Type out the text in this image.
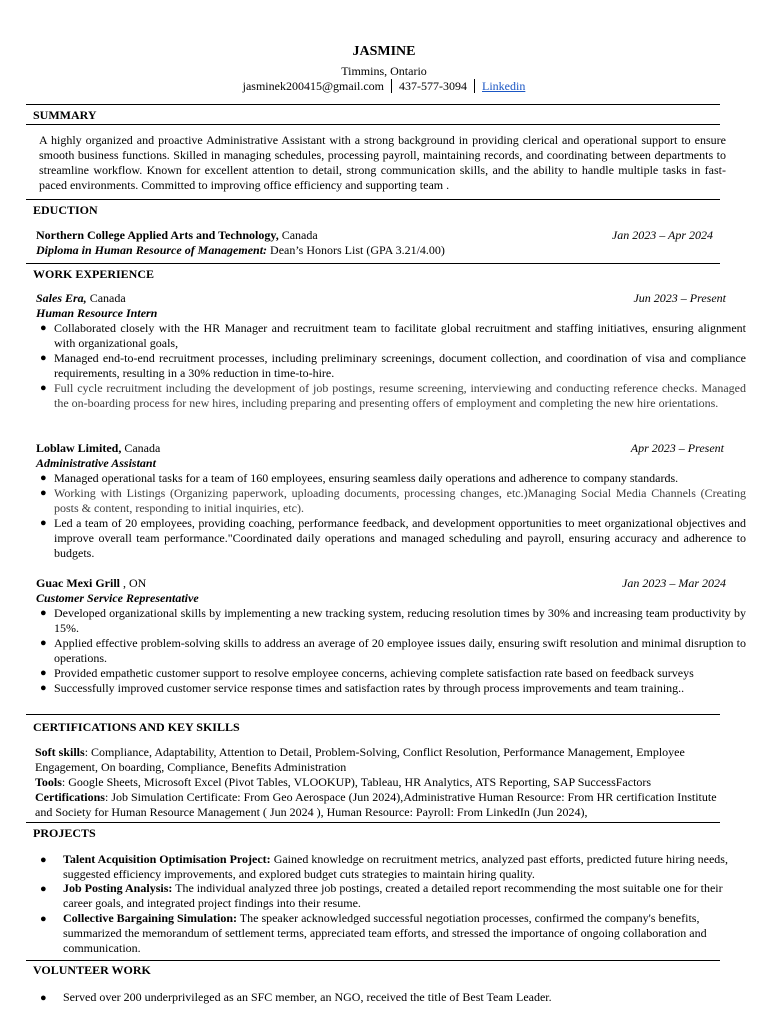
JASMINE
Timmins, Ontario
jasminek200415@gmail.com 437-577-3094 Linkedin
SUMMARY
A highly organized and proactive Administrative Assistant with a strong background in providing clerical and operational support to ensure smooth business functions. Skilled in managing schedules, processing payroll, maintaining records, and coordinating between departments to streamline workflow. Known for excellent attention to detail, strong communication skills, and the ability to handle multiple tasks in fast-paced environments. Committed to improving office efficiency and supporting team .
EDUCTION
Northern College Applied Arts and Technology, Canada	Jan 2023 – Apr 2024
Diploma in Human Resource of Management: Dean’s Honors List (GPA 3.21/4.00)
WORK EXPERIENCE
Sales Era, Canada	Jun 2023 – Present
Human Resource Intern
● Collaborated closely with the HR Manager and recruitment team to facilitate global recruitment and staffing initiatives, ensuring alignment with organizational goals,
● Managed end-to-end recruitment processes, including preliminary screenings, document collection, and coordination of visa and compliance requirements, resulting in a 30% reduction in time-to-hire.
● Full cycle recruitment including the development of job postings, resume screening, interviewing and conducting reference checks. Managed the on-boarding process for new hires, including preparing and presenting offers of employment and completing the new hire orientations.
Loblaw Limited, Canada	Apr 2023 – Present
Administrative Assistant
● Managed operational tasks for a team of 160 employees, ensuring seamless daily operations and adherence to company standards.
● Working with Listings (Organizing paperwork, uploading documents, processing changes, etc.)Managing Social Media Channels (Creating posts & content, responding to initial inquiries, etc).
● Led a team of 20 employees, providing coaching, performance feedback, and development opportunities to meet organizational objectives and improve overall team performance."Coordinated daily operations and managed scheduling and payroll, ensuring accuracy and adherence to budgets.
Guac Mexi Grill , ON	Jan 2023 – Mar 2024
Customer Service Representative
● Developed organizational skills by implementing a new tracking system, reducing resolution times by 30% and increasing team productivity by 15%.
● Applied effective problem-solving skills to address an average of 20 employee issues daily, ensuring swift resolution and minimal disruption to operations.
● Provided empathetic customer support to resolve employee concerns, achieving complete satisfaction rate based on feedback surveys
● Successfully improved customer service response times and satisfaction rates by through process improvements and team training..
CERTIFICATIONS AND KEY SKILLS
Soft skills: Compliance, Adaptability, Attention to Detail, Problem-Solving, Conflict Resolution, Performance Management, Employee Engagement, On boarding, Compliance, Benefits Administration
Tools: Google Sheets, Microsoft Excel (Pivot Tables, VLOOKUP), Tableau, HR Analytics, ATS Reporting, SAP SuccessFactors
Certifications: Job Simulation Certificate: From Geo Aerospace (Jun 2024),Administrative Human Resource: From HR certification Institute and Society for Human Resource Management ( Jun 2024 ), Human Resource: Payroll: From LinkedIn (Jun 2024),
PROJECTS
● Talent Acquisition Optimisation Project: Gained knowledge on recruitment metrics, analyzed past efforts, predicted future hiring needs, suggested efficiency improvements, and explored budget cuts strategies to maintain hiring quality.
● Job Posting Analysis: The individual analyzed three job postings, created a detailed report recommending the most suitable one for their career goals, and integrated project findings into their resume.
● Collective Bargaining Simulation: The speaker acknowledged successful negotiation processes, confirmed the company's benefits, summarized the memorandum of settlement terms, appreciated team efforts, and stressed the importance of ongoing collaboration and communication.
VOLUNTEER WORK
● Served over 200 underprivileged as an SFC member, an NGO, received the title of Best Team Leader.
